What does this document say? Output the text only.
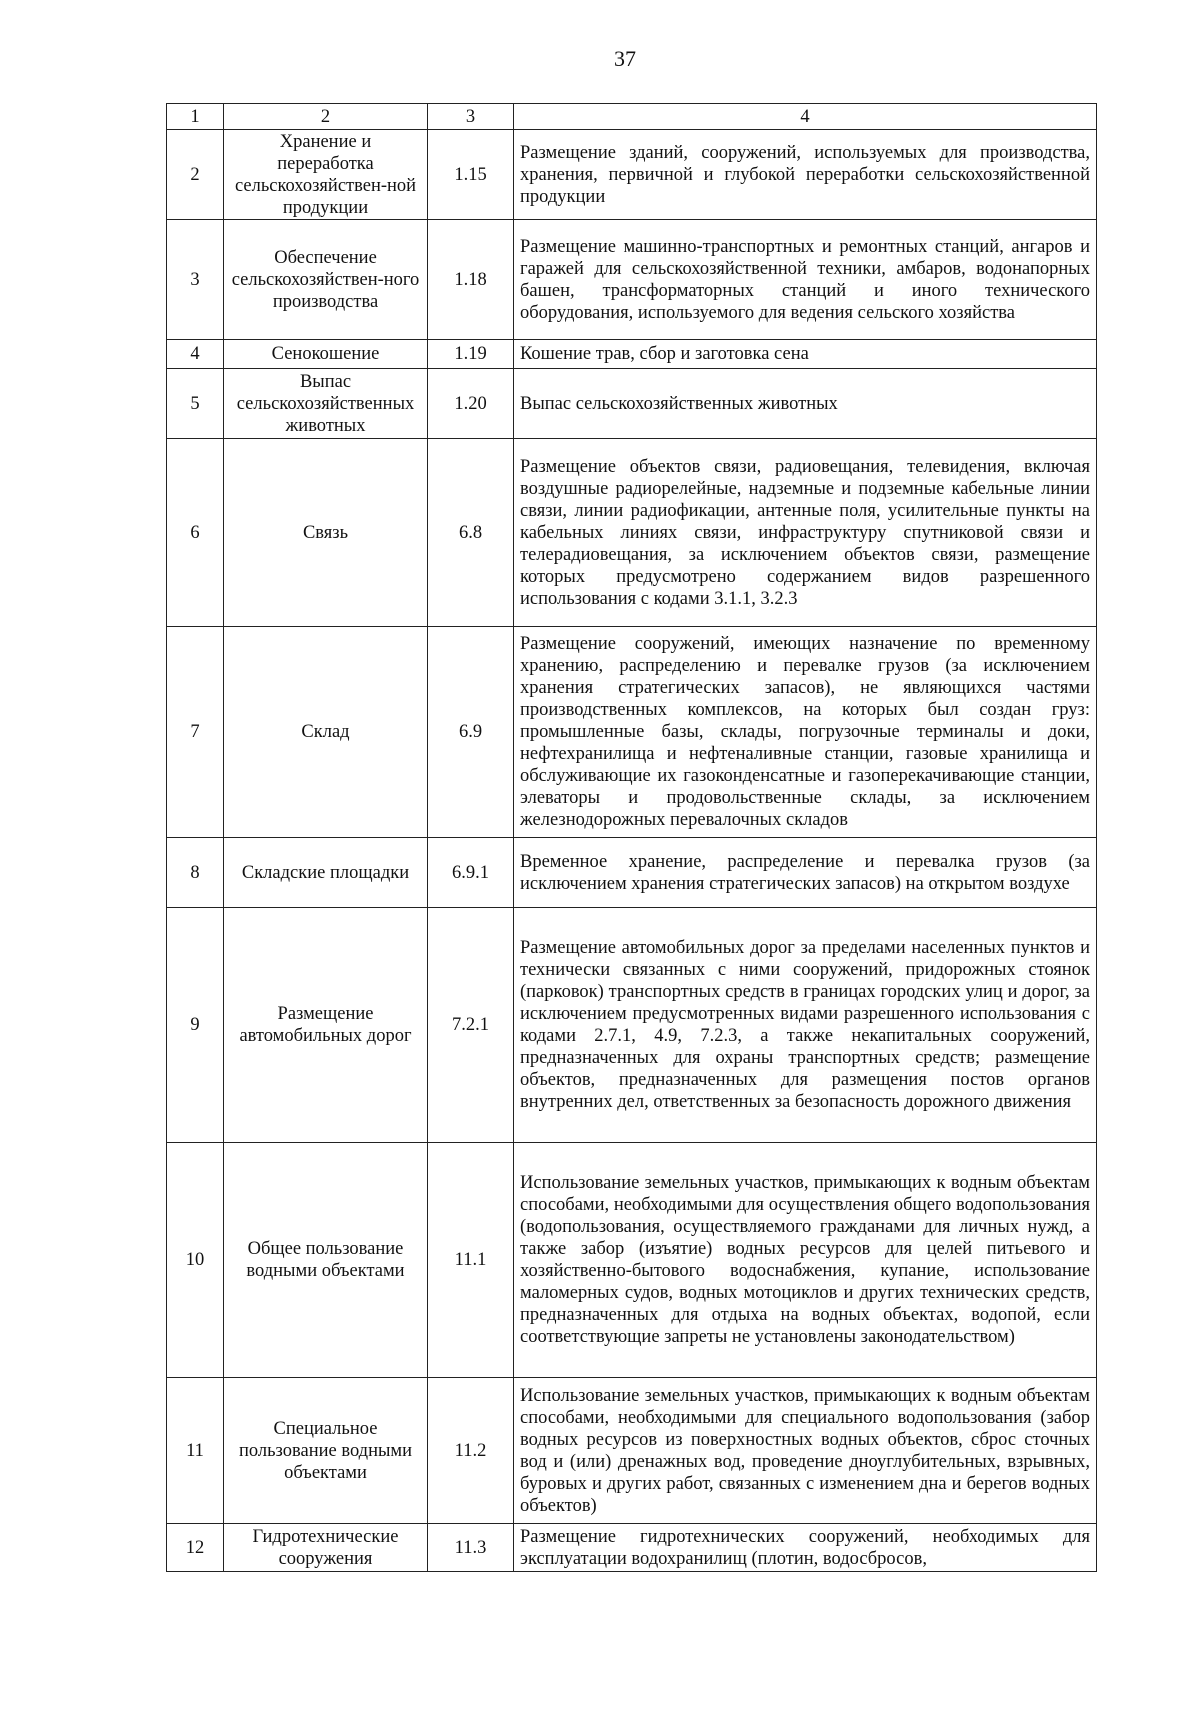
37
1	2	3	4
2	Хранение и переработка сельскохозяйствен-ной продукции	1.15	Размещение зданий, сооружений, используемых для производства, хранения, первичной и глубокой переработки сельскохозяйственной продукции
3	Обеспечение сельскохозяйствен-ного производства	1.18	Размещение машинно-транспортных и ремонтных станций, ангаров и гаражей для сельскохозяйственной техники, амбаров, водонапорных башен, трансформаторных станций и иного технического оборудования, используемого для ведения сельского хозяйства
4	Сенокошение	1.19	Кошение трав, сбор и заготовка сена
5	Выпас сельскохозяйственных животных	1.20	Выпас сельскохозяйственных животных
6	Связь	6.8	Размещение объектов связи, радиовещания, телевидения, включая воздушные радиорелейные, надземные и подземные кабельные линии связи, линии радиофикации, антенные поля, усилительные пункты на кабельных линиях связи, инфраструктуру спутниковой связи и телерадиовещания, за исключением объектов связи, размещение которых предусмотрено содержанием видов разрешенного использования с кодами 3.1.1, 3.2.3
7	Склад	6.9	Размещение сооружений, имеющих назначение по временному хранению, распределению и перевалке грузов (за исключением хранения стратегических запасов), не являющихся частями производственных комплексов, на которых был создан груз: промышленные базы, склады, погрузочные терминалы и доки, нефтехранилища и нефтеналивные станции, газовые хранилища и обслуживающие их газоконденсатные и газоперекачивающие станции, элеваторы и продовольственные склады, за исключением железнодорожных перевалочных складов
8	Складские площадки	6.9.1	Временное хранение, распределение и перевалка грузов (за исключением хранения стратегических запасов) на открытом воздухе
9	Размещение автомобильных дорог	7.2.1	Размещение автомобильных дорог за пределами населенных пунктов и технически связанных с ними сооружений, придорожных стоянок (парковок) транспортных средств в границах городских улиц и дорог, за исключением предусмотренных видами разрешенного использования с кодами 2.7.1, 4.9, 7.2.3, а также некапитальных сооружений, предназначенных для охраны транспортных средств; размещение объектов, предназначенных для размещения постов органов внутренних дел, ответственных за безопасность дорожного движения
10	Общее пользование водными объектами	11.1	Использование земельных участков, примыкающих к водным объектам способами, необходимыми для осуществления общего водопользования (водопользования, осуществляемого гражданами для личных нужд, а также забор (изъятие) водных ресурсов для целей питьевого и хозяйственно-бытового водоснабжения, купание, использование маломерных судов, водных мотоциклов и других технических средств, предназначенных для отдыха на водных объектах, водопой, если соответствующие запреты не установлены законодательством)
11	Специальное пользование водными объектами	11.2	Использование земельных участков, примыкающих к водным объектам способами, необходимыми для специального водопользования (забор водных ресурсов из поверхностных водных объектов, сброс сточных вод и (или) дренажных вод, проведение дноуглубительных, взрывных, буровых и других работ, связанных с изменением дна и берегов водных объектов)
12	Гидротехнические сооружения	11.3	Размещение гидротехнических сооружений, необходимых для эксплуатации водохранилищ (плотин, водосбросов,
